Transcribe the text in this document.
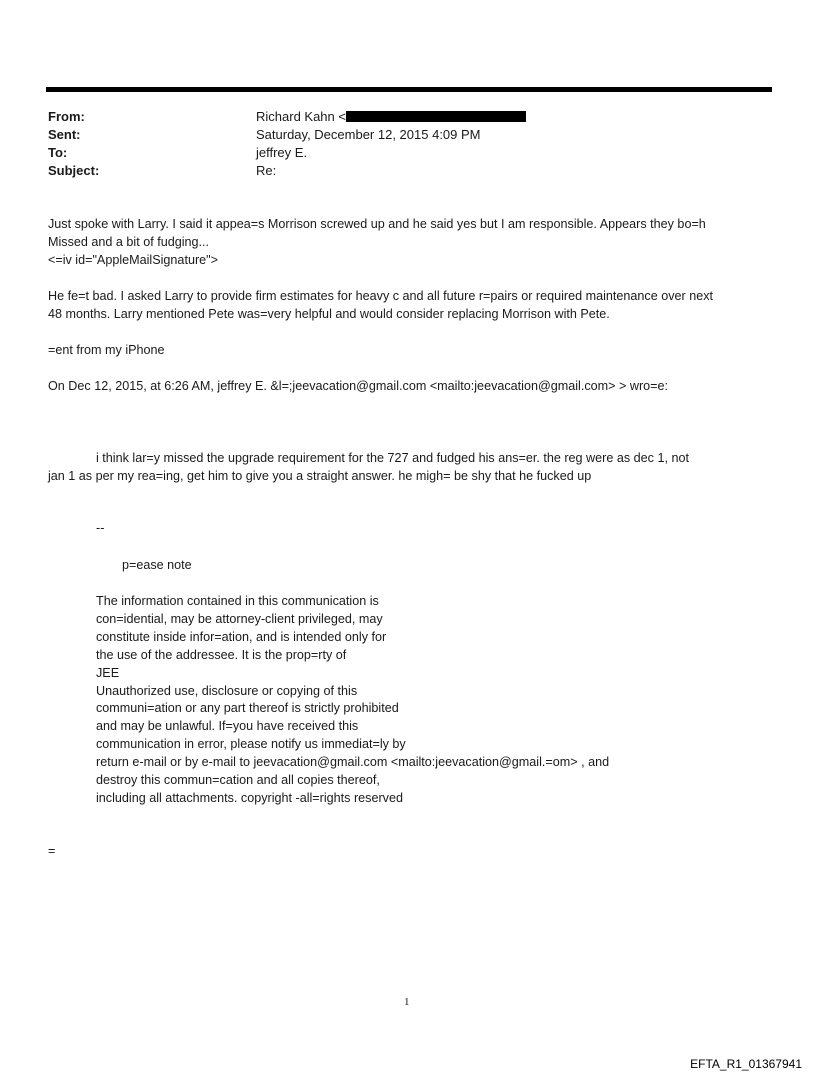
From:	Richard Kahn <
Sent:	Saturday, December 12, 2015 4:09 PM
To:	jeffrey E.
Subject:	Re:
Just spoke with Larry. I said it appea=s Morrison screwed up and he said yes but I am responsible. Appears they bo=h
Missed and a bit of fudging...
<=iv id="AppleMailSignature">
He fe=t bad. I asked Larry to provide firm estimates for heavy c and all future r=pairs or required maintenance over next
48 months. Larry mentioned Pete was=very helpful and would consider replacing Morrison with Pete.
=ent from my iPhone
On Dec 12, 2015, at 6:26 AM, jeffrey E. &l=;jeevacation@gmail.com <mailto:jeevacation@gmail.com> > wro=e:
i think lar=y missed the upgrade requirement for the 727 and fudged his ans=er. the reg were as dec 1, not
jan 1 as per my rea=ing, get him to give you a straight answer. he migh= be shy that he fucked up
--
p=ease note
The information contained in this communication is
con=idential, may be attorney-client privileged, may
constitute inside infor=ation, and is intended only for
the use of the addressee. It is the prop=rty of
JEE
Unauthorized use, disclosure or copying of this
communi=ation or any part thereof is strictly prohibited
and may be unlawful. If=you have received this
communication in error, please notify us immediat=ly by
return e-mail or by e-mail to jeevacation@gmail.com <mailto:jeevacation@gmail.=om> , and
destroy this commun=cation and all copies thereof,
including all attachments. copyright -all=rights reserved
=
1
EFTA_R1_01367941
